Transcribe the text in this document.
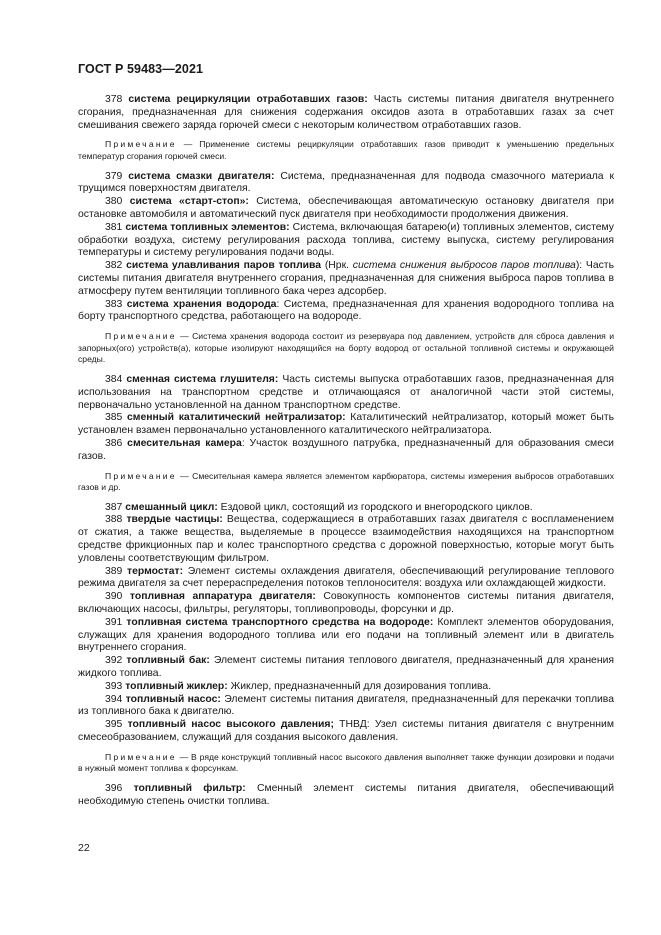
ГОСТ Р 59483—2021

378 система рециркуляции отработавших газов: Часть системы питания двигателя внутреннего сгорания, предназначенная для снижения содержания оксидов азота в отработавших газах за счет смешивания свежего заряда горючей смеси с некоторым количеством отработавших газов.

Примечание — Применение системы рециркуляции отработавших газов приводит к уменьшению предельных температур сгорания горючей смеси.

379 система смазки двигателя: Система, предназначенная для подвода смазочного материала к трущимся поверхностям двигателя.

380 система «старт-стоп»: Система, обеспечивающая автоматическую остановку двигателя при остановке автомобиля и автоматический пуск двигателя при необходимости продолжения движения.

381 система топливных элементов: Система, включающая батарею(и) топливных элементов, систему обработки воздуха, систему регулирования расхода топлива, систему выпуска, систему регулирования температуры и систему регулирования подачи воды.

382 система улавливания паров топлива (Нрк. система снижения выбросов паров топлива): Часть системы питания двигателя внутреннего сгорания, предназначенная для снижения выброса паров топлива в атмосферу путем вентиляции топливного бака через адсорбер.

383 система хранения водорода: Система, предназначенная для хранения водородного топлива на борту транспортного средства, работающего на водороде.

Примечание — Система хранения водорода состоит из резервуара под давлением, устройств для сброса давления и запорных(ого) устройств(а), которые изолируют находящийся на борту водород от остальной топливной системы и окружающей среды.

384 сменная система глушителя: Часть системы выпуска отработавших газов, предназначенная для использования на транспортном средстве и отличающаяся от аналогичной части этой системы, первоначально установленной на данном транспортном средстве.

385 сменный каталитический нейтрализатор: Каталитический нейтрализатор, который может быть установлен взамен первоначально установленного каталитического нейтрализатора.

386 смесительная камера: Участок воздушного патрубка, предназначенный для образования смеси газов.

Примечание — Смесительная камера является элементом карбюратора, системы измерения выбросов отработавших газов и др.

387 смешанный цикл: Ездовой цикл, состоящий из городского и внегородского циклов.

388 твердые частицы: Вещества, содержащиеся в отработавших газах двигателя с воспламенением от сжатия, а также вещества, выделяемые в процессе взаимодействия находящихся на транспортном средстве фрикционных пар и колес транспортного средства с дорожной поверхностью, которые могут быть уловлены соответствующим фильтром.

389 термостат: Элемент системы охлаждения двигателя, обеспечивающий регулирование теплового режима двигателя за счет перераспределения потоков теплоносителя: воздуха или охлаждающей жидкости.

390 топливная аппаратура двигателя: Совокупность компонентов системы питания двигателя, включающих насосы, фильтры, регуляторы, топливопроводы, форсунки и др.

391 топливная система транспортного средства на водороде: Комплект элементов оборудования, служащих для хранения водородного топлива или его подачи на топливный элемент или в двигатель внутреннего сгорания.

392 топливный бак: Элемент системы питания теплового двигателя, предназначенный для хранения жидкого топлива.

393 топливный жиклер: Жиклер, предназначенный для дозирования топлива.

394 топливный насос: Элемент системы питания двигателя, предназначенный для перекачки топлива из топливного бака к двигателю.

395 топливный насос высокого давления; ТНВД: Узел системы питания двигателя с внутренним смесеобразованием, служащий для создания высокого давления.

Примечание — В ряде конструкций топливный насос высокого давления выполняет также функции дозировки и подачи в нужный момент топлива к форсункам.

396 топливный фильтр: Сменный элемент системы питания двигателя, обеспечивающий необходимую степень очистки топлива.

22
